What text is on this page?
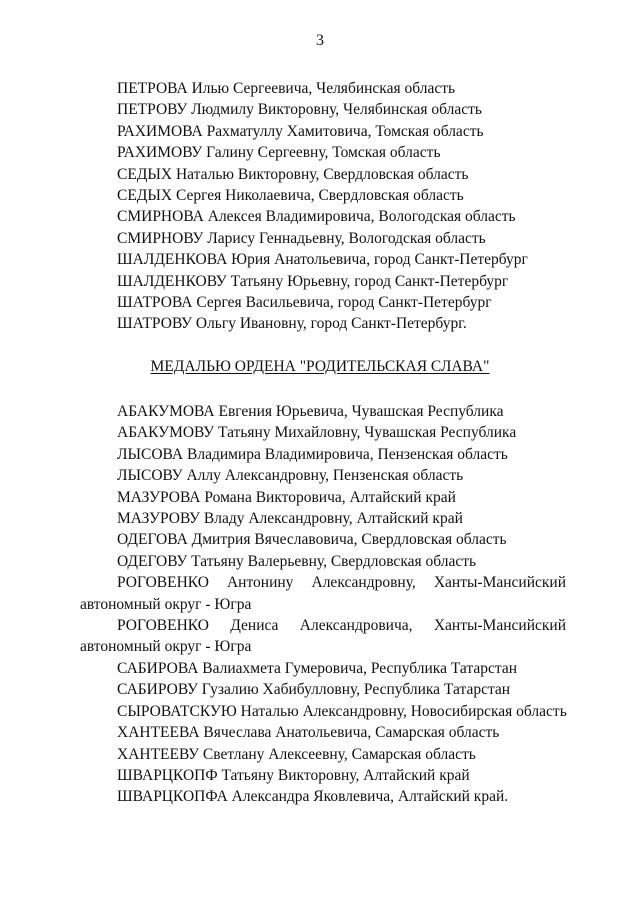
3
ПЕТРОВА Илью Сергеевича, Челябинская область
ПЕТРОВУ Людмилу Викторовну, Челябинская область
РАХИМОВА Рахматуллу Хамитовича, Томская область
РАХИМОВУ Галину Сергеевну, Томская область
СЕДЫХ Наталью Викторовну, Свердловская область
СЕДЫХ Сергея Николаевича, Свердловская область
СМИРНОВА Алексея Владимировича, Вологодская область
СМИРНОВУ Ларису Геннадьевну, Вологодская область
ШАЛДЕНКОВА Юрия Анатольевича, город Санкт-Петербург
ШАЛДЕНКОВУ Татьяну Юрьевну, город Санкт-Петербург
ШАТРОВА Сергея Васильевича, город Санкт-Петербург
ШАТРОВУ Ольгу Ивановну, город Санкт-Петербург.
МЕДАЛЬЮ ОРДЕНА "РОДИТЕЛЬСКАЯ СЛАВА"
АБАКУМОВА Евгения Юрьевича, Чувашская Республика
АБАКУМОВУ Татьяну Михайловну, Чувашская Республика
ЛЫСОВА Владимира Владимировича, Пензенская область
ЛЫСОВУ Аллу Александровну, Пензенская область
МАЗУРОВА Романа Викторовича, Алтайский край
МАЗУРОВУ Владу Александровну, Алтайский край
ОДЕГОВА Дмитрия Вячеславовича, Свердловская область
ОДЕГОВУ Татьяну Валерьевну, Свердловская область
РОГОВЕНКО Антонину Александровну, Ханты-Мансийский
автономный округ - Югра
РОГОВЕНКО Дениса Александровича, Ханты-Мансийский
автономный округ - Югра
САБИРОВА Валиахмета Гумеровича, Республика Татарстан
САБИРОВУ Гузалию Хабибулловну, Республика Татарстан
СЫРОВАТСКУЮ Наталью Александровну, Новосибирская область
ХАНТЕЕВА Вячеслава Анатольевича, Самарская область
ХАНТЕЕВУ Светлану Алексеевну, Самарская область
ШВАРЦКОПФ Татьяну Викторовну, Алтайский край
ШВАРЦКОПФА Александра Яковлевича, Алтайский край.
